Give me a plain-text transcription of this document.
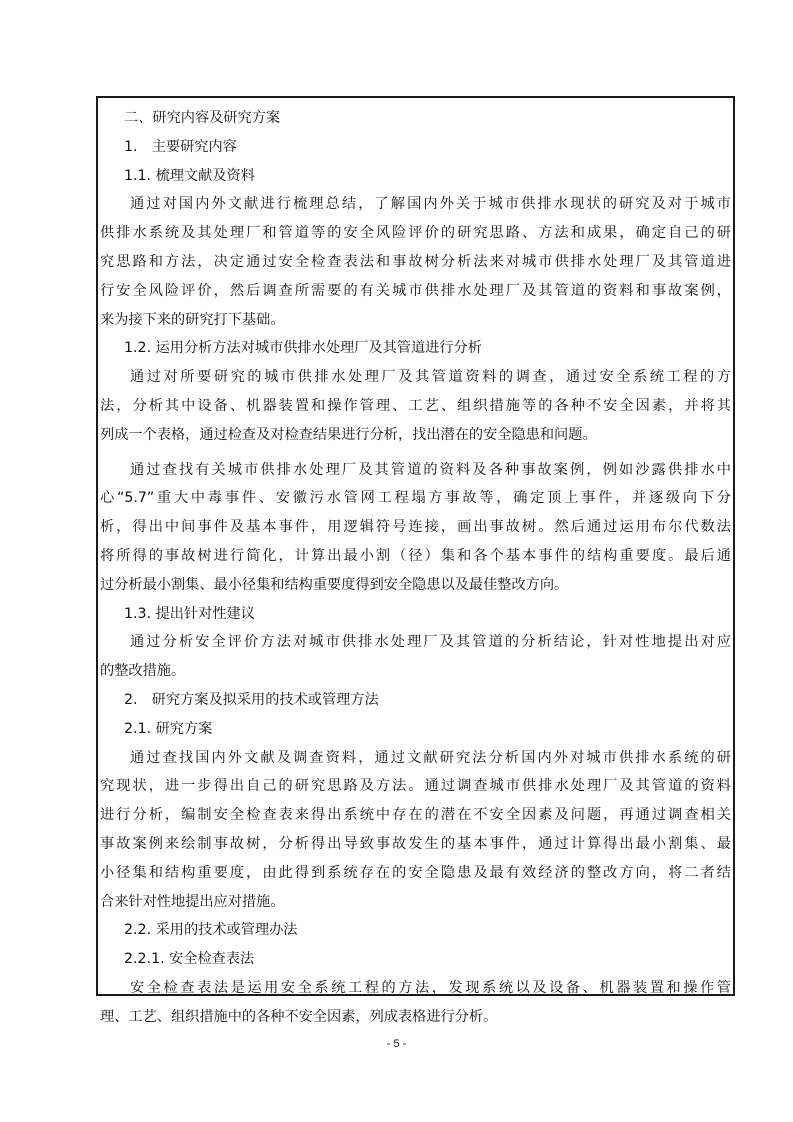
二、研究内容及研究方案
1.　主要研究内容
1.1. 梳理文献及资料
通过对国内外文献进行梳理总结，了解国内外关于城市供排水现状的研究及对于城市
供排水系统及其处理厂和管道等的安全风险评价的研究思路、方法和成果，确定自己的研
究思路和方法，决定通过安全检查表法和事故树分析法来对城市供排水处理厂及其管道进
行安全风险评价，然后调查所需要的有关城市供排水处理厂及其管道的资料和事故案例，
来为接下来的研究打下基础。
1.2. 运用分析方法对城市供排水处理厂及其管道进行分析
通过对所要研究的城市供排水处理厂及其管道资料的调查，通过安全系统工程的方
法，分析其中设备、机器装置和操作管理、工艺、组织措施等的各种不安全因素，并将其
列成一个表格，通过检查及对检查结果进行分析，找出潜在的安全隐患和问题。
通过查找有关城市供排水处理厂及其管道的资料及各种事故案例，例如沙露供排水中
心“5.7”重大中毒事件、安徽污水管网工程塌方事故等，确定顶上事件，并逐级向下分
析，得出中间事件及基本事件，用逻辑符号连接，画出事故树。然后通过运用布尔代数法
将所得的事故树进行简化，计算出最小割（径）集和各个基本事件的结构重要度。最后通
过分析最小割集、最小径集和结构重要度得到安全隐患以及最佳整改方向。
1.3. 提出针对性建议
通过分析安全评价方法对城市供排水处理厂及其管道的分析结论，针对性地提出对应
的整改措施。
2.　研究方案及拟采用的技术或管理方法
2.1. 研究方案
通过查找国内外文献及调查资料，通过文献研究法分析国内外对城市供排水系统的研
究现状，进一步得出自己的研究思路及方法。通过调查城市供排水处理厂及其管道的资料
进行分析，编制安全检查表来得出系统中存在的潜在不安全因素及问题，再通过调查相关
事故案例来绘制事故树，分析得出导致事故发生的基本事件，通过计算得出最小割集、最
小径集和结构重要度，由此得到系统存在的安全隐患及最有效经济的整改方向，将二者结
合来针对性地提出应对措施。
2.2. 采用的技术或管理办法
2.2.1. 安全检查表法
安全检查表法是运用安全系统工程的方法，发现系统以及设备、机器装置和操作管
理、工艺、组织措施中的各种不安全因素，列成表格进行分析。
- 5 -
